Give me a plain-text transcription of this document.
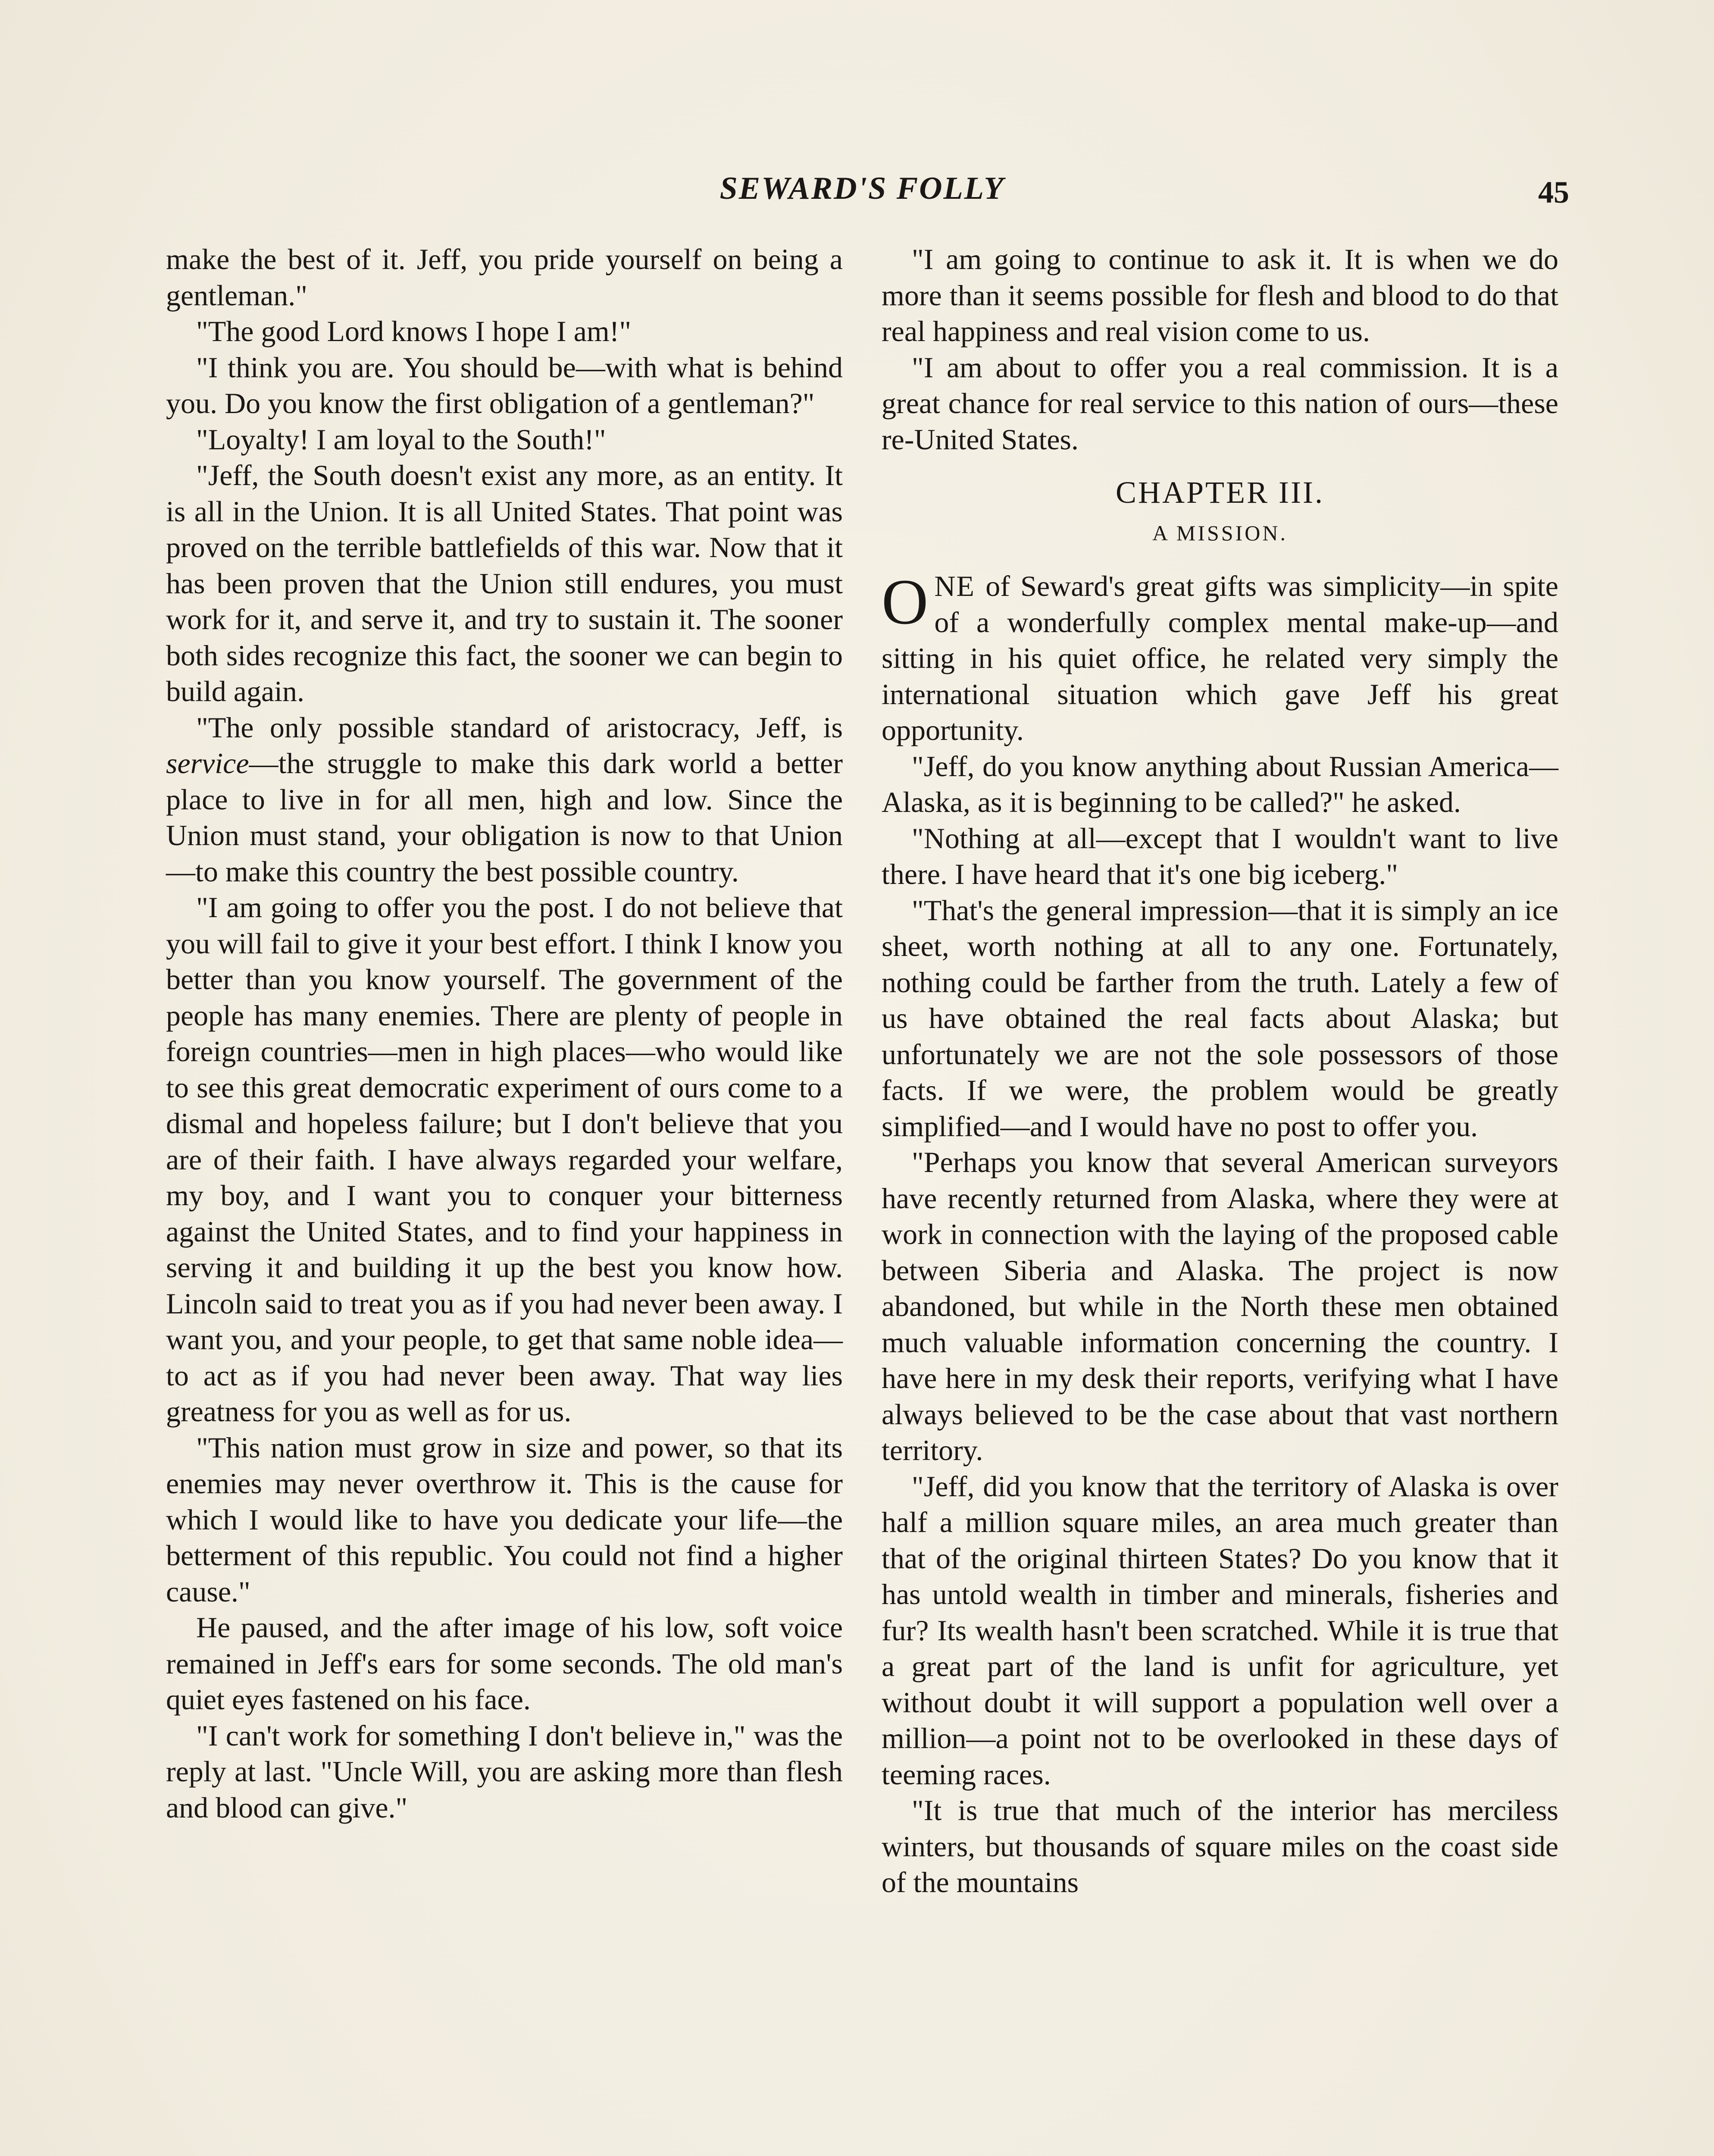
SEWARD'S FOLLY	45

make the best of it. Jeff, you pride yourself on being a gentleman."

"The good Lord knows I hope I am!"

"I think you are. You should be—with what is behind you. Do you know the first obligation of a gentleman?"

"Loyalty! I am loyal to the South!"

"Jeff, the South doesn't exist any more, as an entity. It is all in the Union. It is all United States. That point was proved on the terrible battlefields of this war. Now that it has been proven that the Union still endures, you must work for it, and serve it, and try to sustain it. The sooner both sides recognize this fact, the sooner we can begin to build again.

"The only possible standard of aristocracy, Jeff, is service—the struggle to make this dark world a better place to live in for all men, high and low. Since the Union must stand, your obligation is now to that Union—to make this country the best possible country.

"I am going to offer you the post. I do not believe that you will fail to give it your best effort. I think I know you better than you know yourself. The government of the people has many enemies. There are plenty of people in foreign countries—men in high places—who would like to see this great democratic experiment of ours come to a dismal and hopeless failure; but I don't believe that you are of their faith. I have always regarded your welfare, my boy, and I want you to conquer your bitterness against the United States, and to find your happiness in serving it and building it up the best you know how. Lincoln said to treat you as if you had never been away. I want you, and your people, to get that same noble idea—to act as if you had never been away. That way lies greatness for you as well as for us.

"This nation must grow in size and power, so that its enemies may never overthrow it. This is the cause for which I would like to have you dedicate your life—the betterment of this republic. You could not find a higher cause."

He paused, and the after image of his low, soft voice remained in Jeff's ears for some seconds. The old man's quiet eyes fastened on his face.

"I can't work for something I don't believe in," was the reply at last. "Uncle Will, you are asking more than flesh and blood can give."

"I am going to continue to ask it. It is when we do more than it seems possible for flesh and blood to do that real happiness and real vision come to us.

"I am about to offer you a real commission. It is a great chance for real service to this nation of ours—these re-United States.

CHAPTER III.
A MISSION.

ONE of Seward's great gifts was simplicity—in spite of a wonderfully complex mental make-up—and sitting in his quiet office, he related very simply the international situation which gave Jeff his great opportunity.

"Jeff, do you know anything about Russian America—Alaska, as it is beginning to be called?" he asked.

"Nothing at all—except that I wouldn't want to live there. I have heard that it's one big iceberg."

"That's the general impression—that it is simply an ice sheet, worth nothing at all to any one. Fortunately, nothing could be farther from the truth. Lately a few of us have obtained the real facts about Alaska; but unfortunately we are not the sole possessors of those facts. If we were, the problem would be greatly simplified—and I would have no post to offer you.

"Perhaps you know that several American surveyors have recently returned from Alaska, where they were at work in connection with the laying of the proposed cable between Siberia and Alaska. The project is now abandoned, but while in the North these men obtained much valuable information concerning the country. I have here in my desk their reports, verifying what I have always believed to be the case about that vast northern territory.

"Jeff, did you know that the territory of Alaska is over half a million square miles, an area much greater than that of the original thirteen States? Do you know that it has untold wealth in timber and minerals, fisheries and fur? Its wealth hasn't been scratched. While it is true that a great part of the land is unfit for agriculture, yet without doubt it will support a population well over a million—a point not to be overlooked in these days of teeming races.

"It is true that much of the interior has merciless winters, but thousands of square miles on the coast side of the mountains
